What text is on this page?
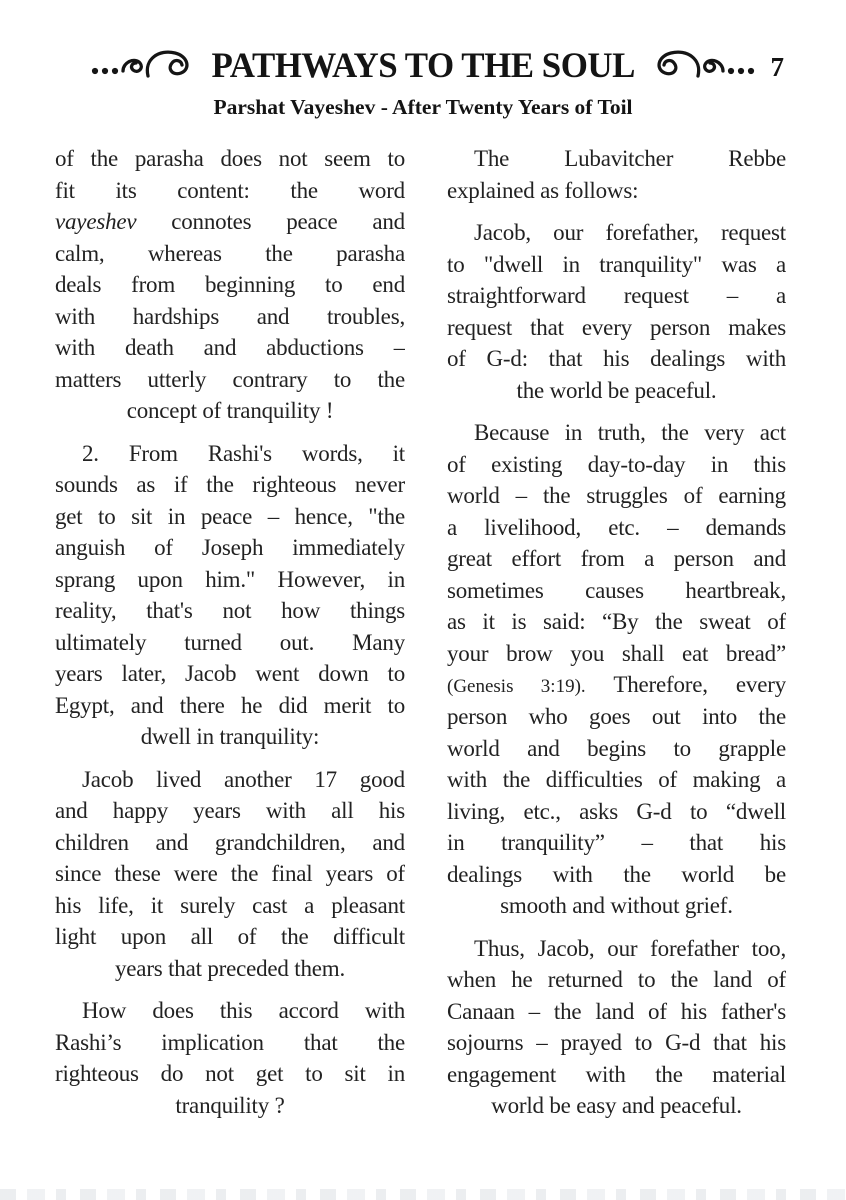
PATHWAYS TO THE SOUL	7
Parshat Vayeshev - After Twenty Years of Toil

of the parasha does not seem to
fit its content: the word
vayeshev connotes peace and
calm, whereas the parasha
deals from beginning to end
with hardships and troubles,
with death and abductions –
matters utterly contrary to the
concept of tranquility !

2. From Rashi's words, it
sounds as if the righteous never
get to sit in peace – hence, "the
anguish of Joseph immediately
sprang upon him." However, in
reality, that's not how things
ultimately turned out. Many
years later, Jacob went down to
Egypt, and there he did merit to
dwell in tranquility:

Jacob lived another 17 good
and happy years with all his
children and grandchildren, and
since these were the final years of
his life, it surely cast a pleasant
light upon all of the difficult
years that preceded them.

How does this accord with
Rashi’s implication that the
righteous do not get to sit in
tranquility ?

The Lubavitcher Rebbe
explained as follows:

Jacob, our forefather, request
to "dwell in tranquility" was a
straightforward request – a
request that every person makes
of G-d: that his dealings with
the world be peaceful.

Because in truth, the very act
of existing day-to-day in this
world – the struggles of earning
a livelihood, etc. – demands
great effort from a person and
sometimes causes heartbreak,
as it is said: “By the sweat of
your brow you shall eat bread”
(Genesis 3:19). Therefore, every
person who goes out into the
world and begins to grapple
with the difficulties of making a
living, etc., asks G-d to “dwell
in tranquility” – that his
dealings with the world be
smooth and without grief.

Thus, Jacob, our forefather too,
when he returned to the land of
Canaan – the land of his father's
sojourns – prayed to G-d that his
engagement with the material
world be easy and peaceful.
